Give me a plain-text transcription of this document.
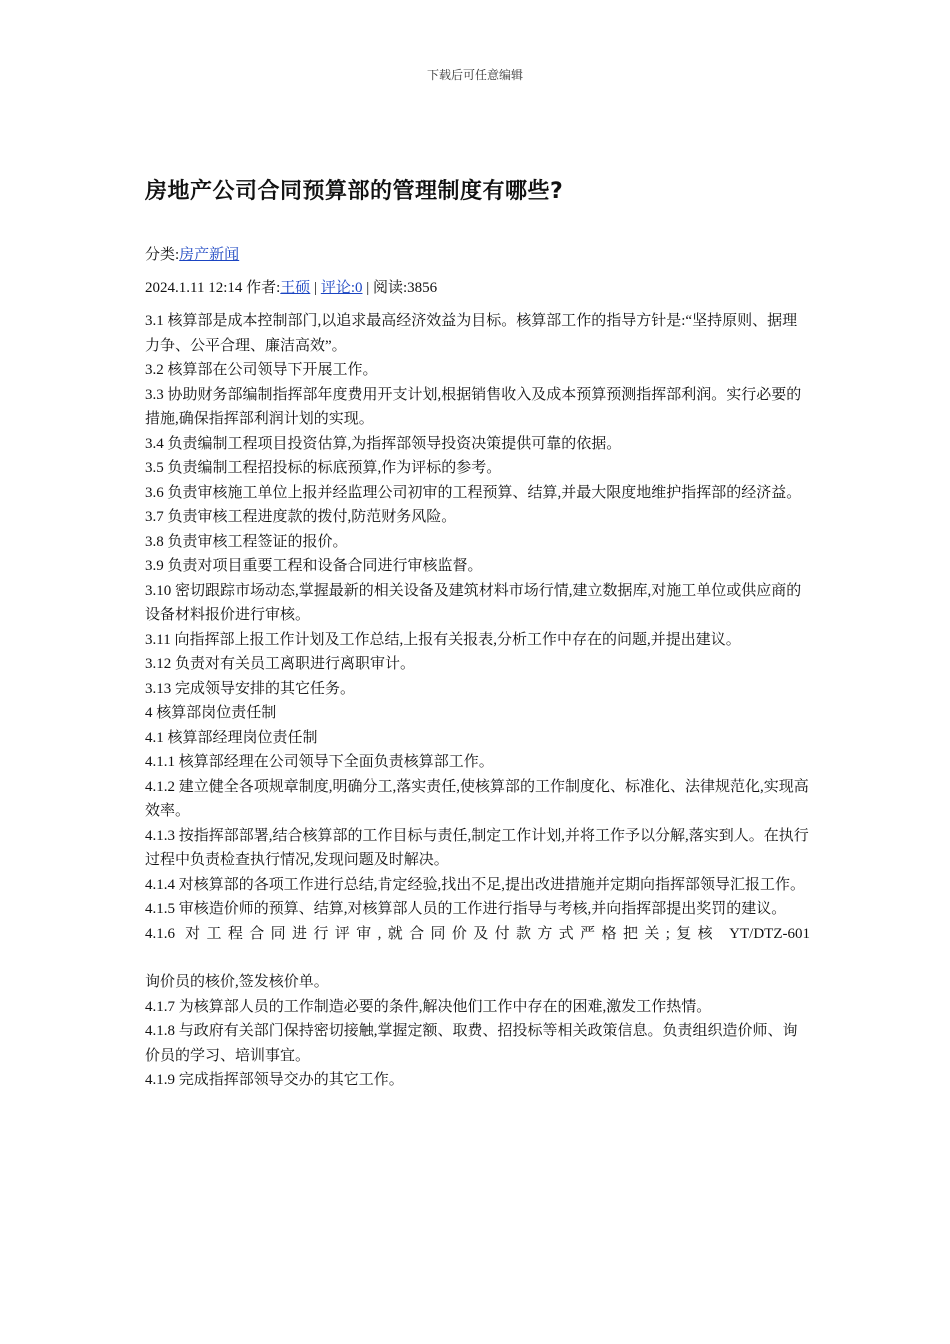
下载后可任意编辑
房地产公司合同预算部的管理制度有哪些?
分类:房产新闻
2024.1.11 12:14 作者:王硕 | 评论:0 | 阅读:3856

3.1 核算部是成本控制部门,以追求最高经济效益为目标。核算部工作的指导方针是:“坚持原则、据理力争、公平合理、廉洁高效”。

3.2 核算部在公司领导下开展工作。

3.3 协助财务部编制指挥部年度费用开支计划,根据销售收入及成本预算预测指挥部利润。实行必要的措施,确保指挥部利润计划的实现。

3.4 负责编制工程项目投资估算,为指挥部领导投资决策提供可靠的依据。

3.5 负责编制工程招投标的标底预算,作为评标的参考。

3.6 负责审核施工单位上报并经监理公司初审的工程预算、结算,并最大限度地维护指挥部的经济益。

3.7 负责审核工程进度款的拨付,防范财务风险。

3.8 负责审核工程签证的报价。

3.9 负责对项目重要工程和设备合同进行审核监督。

3.10 密切跟踪市场动态,掌握最新的相关设备及建筑材料市场行情,建立数据库,对施工单位或供应商的设备材料报价进行审核。

3.11 向指挥部上报工作计划及工作总结,上报有关报表,分析工作中存在的问题,并提出建议。

3.12 负责对有关员工离职进行离职审计。

3.13 完成领导安排的其它任务。

4 核算部岗位责任制

4.1 核算部经理岗位责任制

4.1.1 核算部经理在公司领导下全面负责核算部工作。

4.1.2 建立健全各项规章制度,明确分工,落实责任,使核算部的工作制度化、标准化、法律规范化,实现高效率。

4.1.3 按指挥部部署,结合核算部的工作目标与责任,制定工作计划,并将工作予以分解,落实到人。在执行过程中负责检查执行情况,发现问题及时解决。

4.1.4 对核算部的各项工作进行总结,肯定经验,找出不足,提出改进措施并定期向指挥部领导汇报工作。

4.1.5 审核造价师的预算、结算,对核算部人员的工作进行指导与考核,并向指挥部提出奖罚的建议。

4.1.6 对工程合同进行评审,就合同价及付款方式严格把关;复核 YT/DTZ-601

询价员的核价,签发核价单。

4.1.7 为核算部人员的工作制造必要的条件,解决他们工作中存在的困难,激发工作热情。

4.1.8 与政府有关部门保持密切接触,掌握定额、取费、招投标等相关政策信息。负责组织造价师、询价员的学习、培训事宜。

4.1.9 完成指挥部领导交办的其它工作。
